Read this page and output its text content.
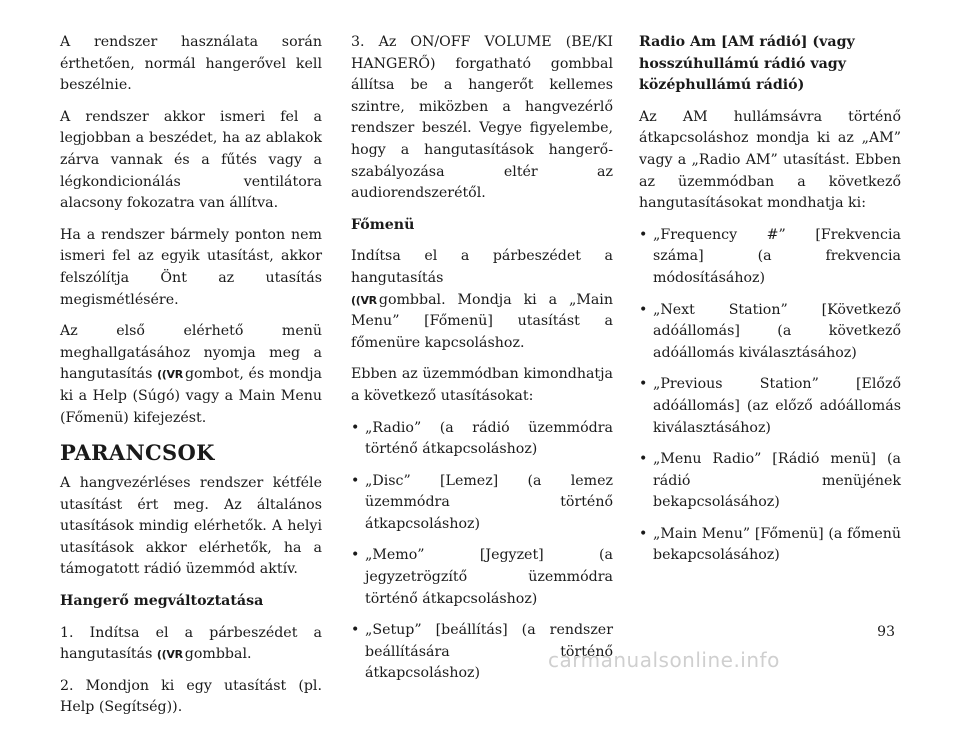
A rendszer használata során érthetően, normál hangerővel kell beszélnie.

A rendszer akkor ismeri fel a legjobban a beszédet, ha az ablakok zárva vannak és a fűtés vagy a légkondicionálás ventilátora alacsony fokozatra van állítva.

Ha a rendszer bármely ponton nem ismeri fel az egyik utasítást, akkor felszólítja Önt az utasítás megismétlésére.

Az első elérhető menü meghallgatásához nyomja meg a hangutasítás ((VR gombot, és mondja ki a Help (Súgó) vagy a Main Menu (Főmenü) kifejezést.

PARANCSOK

A hangvezérléses rendszer kétféle utasítást ért meg. Az általános utasítások mindig elérhetők. A helyi utasítások akkor elérhetők, ha a támogatott rádió üzemmód aktív.

Hangerő megváltoztatása

1. Indítsa el a párbeszédet a hangutasítás ((VR gombbal.

2. Mondjon ki egy utasítást (pl. Help (Segítség)).

3. Az ON/OFF VOLUME (BE/KI HANGERŐ) forgatható gombbal állítsa be a hangerőt kellemes szintre, miközben a hangvezérlő rendszer beszél. Vegye figyelembe, hogy a hangutasítások hangerő-szabályozása eltér az audiorendszerétől.

Főmenü

Indítsa el a párbeszédet a hangutasítás
((VR gombbal. Mondja ki a „Main Menu” [Főmenü] utasítást a főmenüre kapcsoláshoz.

Ebben az üzemmódban kimondhatja a következő utasításokat:

• „Radio” (a rádió üzemmódra történő átkapcsoláshoz)
• „Disc” [Lemez] (a lemez üzemmódra történő átkapcsoláshoz)
• „Memo” [Jegyzet] (a jegyzetrögzítő üzemmódra történő átkapcsoláshoz)
• „Setup” [beállítás] (a rendszer beállítására történő átkapcsoláshoz)
Radio Am [AM rádió] (vagy hosszúhullámú rádió vagy középhullámú rádió)

Az AM hullámsávra történő átkapcsoláshoz mondja ki az „AM” vagy a „Radio AM” utasítást. Ebben az üzemmódban a következő hangutasításokat mondhatja ki:

• „Frequency #” [Frekvencia száma] (a frekvencia módosításához)
• „Next Station” [Következő adóállomás] (a következő adóállomás kiválasztásához)
• „Previous Station” [Előző adóállomás] (az előző adóállomás kiválasztásához)
• „Menu Radio” [Rádió menü] (a rádió menüjének bekapcsolásához)
• „Main Menu” [Főmenü] (a főmenü bekapcsolásához)
93
carmanualsonline.info
